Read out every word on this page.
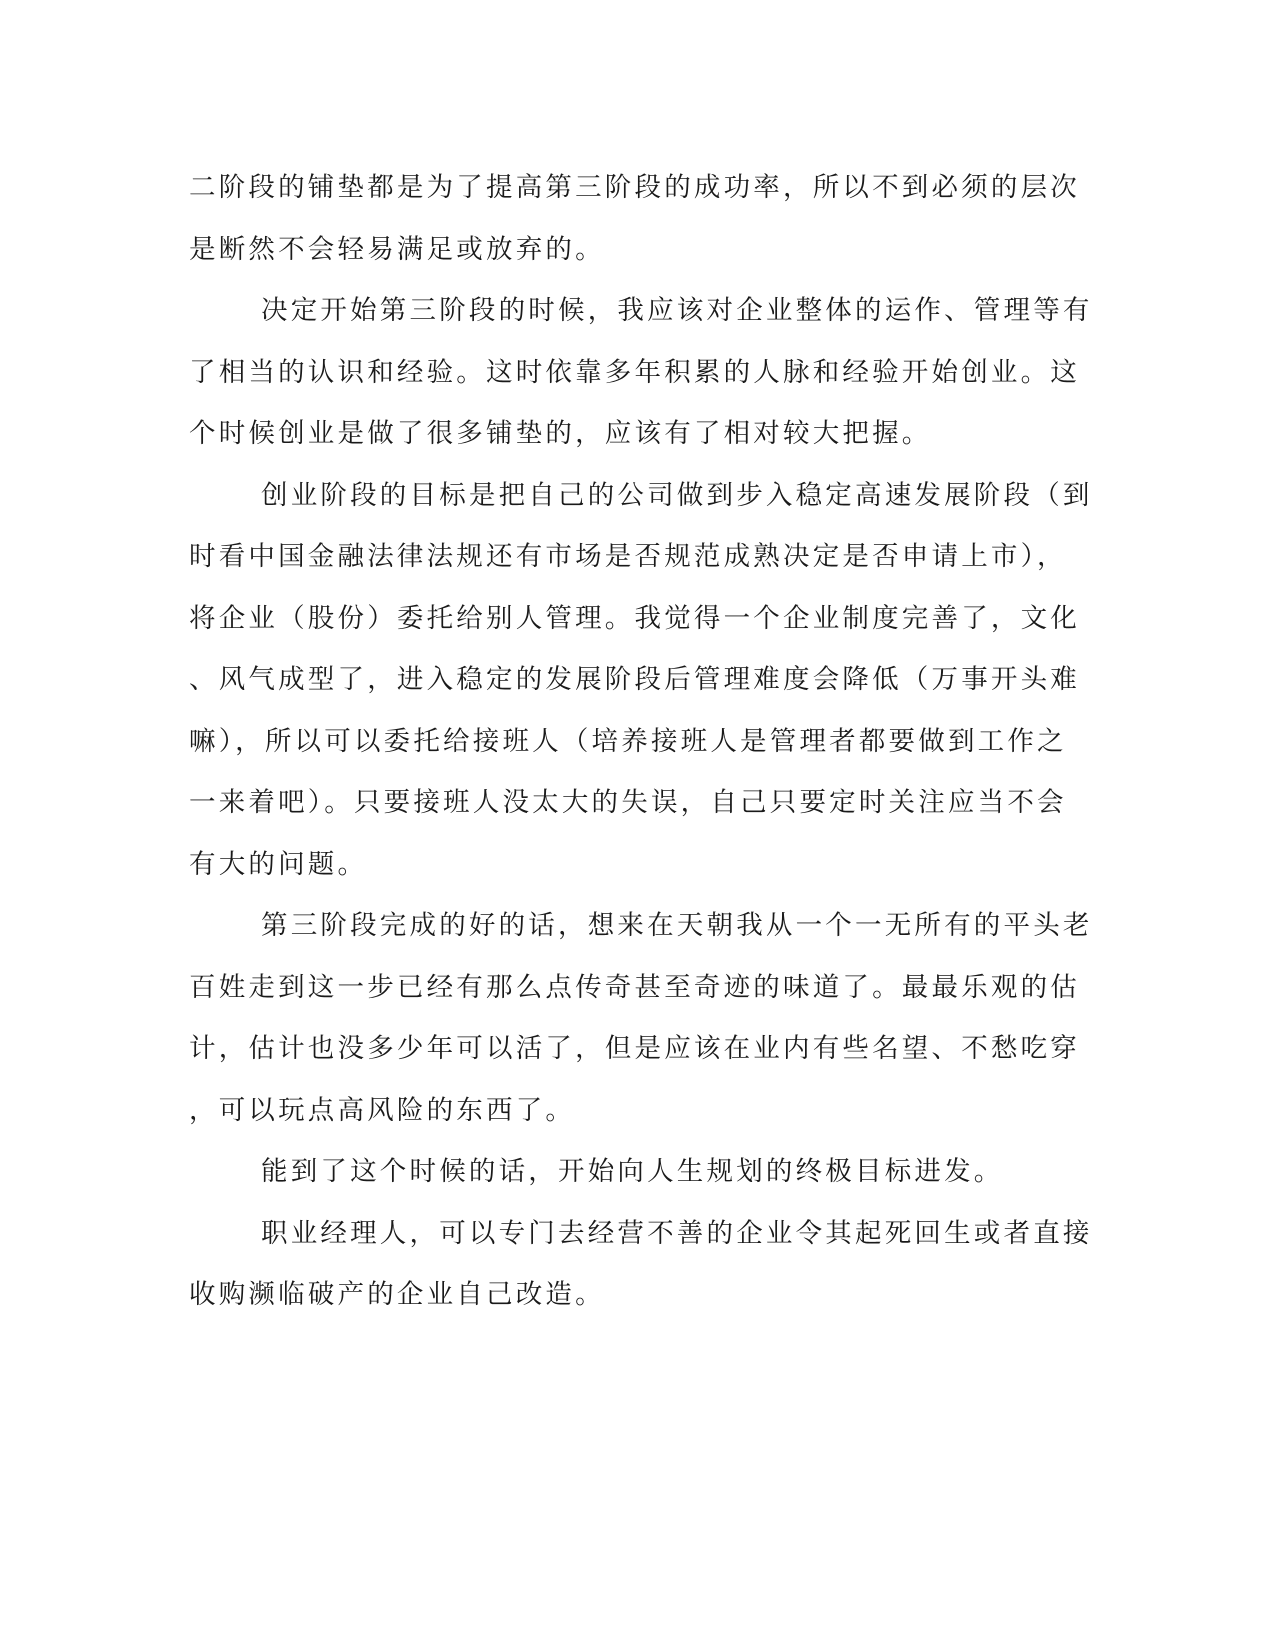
二阶段的铺垫都是为了提高第三阶段的成功率，所以不到必须的层次
是断然不会轻易满足或放弃的。
决定开始第三阶段的时候，我应该对企业整体的运作、管理等有
了相当的认识和经验。这时依靠多年积累的人脉和经验开始创业。这
个时候创业是做了很多铺垫的，应该有了相对较大把握。
创业阶段的目标是把自己的公司做到步入稳定高速发展阶段（到
时看中国金融法律法规还有市场是否规范成熟决定是否申请上市），
将企业（股份）委托给别人管理。我觉得一个企业制度完善了，文化
、风气成型了，进入稳定的发展阶段后管理难度会降低（万事开头难
嘛），所以可以委托给接班人（培养接班人是管理者都要做到工作之
一来着吧）。只要接班人没太大的失误，自己只要定时关注应当不会
有大的问题。
第三阶段完成的好的话，想来在天朝我从一个一无所有的平头老
百姓走到这一步已经有那么点传奇甚至奇迹的味道了。最最乐观的估
计，估计也没多少年可以活了，但是应该在业内有些名望、不愁吃穿
，可以玩点高风险的东西了。
能到了这个时候的话，开始向人生规划的终极目标进发。
职业经理人，可以专门去经营不善的企业令其起死回生或者直接
收购濒临破产的企业自己改造。
